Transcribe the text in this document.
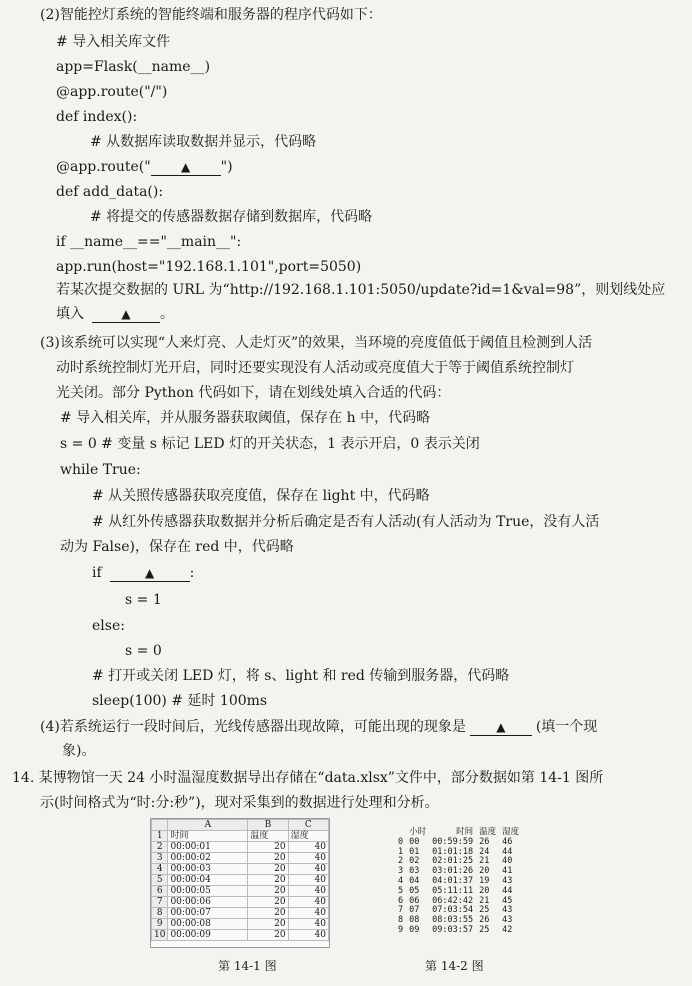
(2)智能控灯系统的智能终端和服务器的程序代码如下：
# 导入相关库文件
app=Flask(__name__)
@app.route("/")
def index():
# 从数据库读取数据并显示，代码略
@app.route("	▲ ")
def add_data():
# 将提交的传感器数据存储到数据库，代码略
if __name__=="__main__":
app.run(host="192.168.1.101",port=5050)
若某次提交数据的 URL 为“http://192.168.1.101:5050/update?id=1&val=98”，则划线处应
填入	▲ 。
(3)该系统可以实现“人来灯亮、人走灯灭”的效果，当环境的亮度值低于阈值且检测到人活
动时系统控制灯光开启，同时还要实现没有人活动或亮度值大于等于阈值系统控制灯
光关闭。部分 Python 代码如下，请在划线处填入合适的代码：
# 导入相关库，并从服务器获取阈值，保存在 h 中，代码略
s = 0 # 变量 s 标记 LED 灯的开关状态，1 表示开启，0 表示关闭
while True:
# 从关照传感器获取亮度值，保存在 light 中，代码略
# 从红外传感器获取数据并分析后确定是否有人活动(有人活动为 True，没有人活
动为 False)，保存在 red 中，代码略
if	▲	:
s = 1
else:
s = 0
# 打开或关闭 LED 灯，将 s、light 和 red 传输到服务器，代码略
sleep(100) # 延时 100ms
(4)若系统运行一段时间后，光线传感器出现故障，可能出现的现象是	▲ (填一个现
象)。
14. 某博物馆一天 24 小时温湿度数据导出存储在“data.xlsx”文件中，部分数据如第 14-1 图所
示(时间格式为“时:分:秒”)，现对采集到的数据进行处理和分析。
	A	B	C
1	时间	温度	湿度
2	00:00:01	20	40
3	00:00:02	20	40
4	00:00:03	20	40
5	00:00:04	20	40
6	00:00:05	20	40
7	00:00:06	20	40
8	00:00:07	20	40
9	00:00:08	20	40
10	00:00:09	20	40
第 14-1 图
	小时	时间	温度	湿度
0	00	00:59:59	26	46
1	01	01:01:18	24	44
2	02	02:01:25	21	40
3	03	03:01:26	20	41
4	04	04:01:37	19	43
5	05	05:11:11	20	44
6	06	06:42:42	21	45
7	07	07:03:54	25	43
8	08	08:03:55	26	43
9	09	09:03:57	25	42
第 14-2 图
